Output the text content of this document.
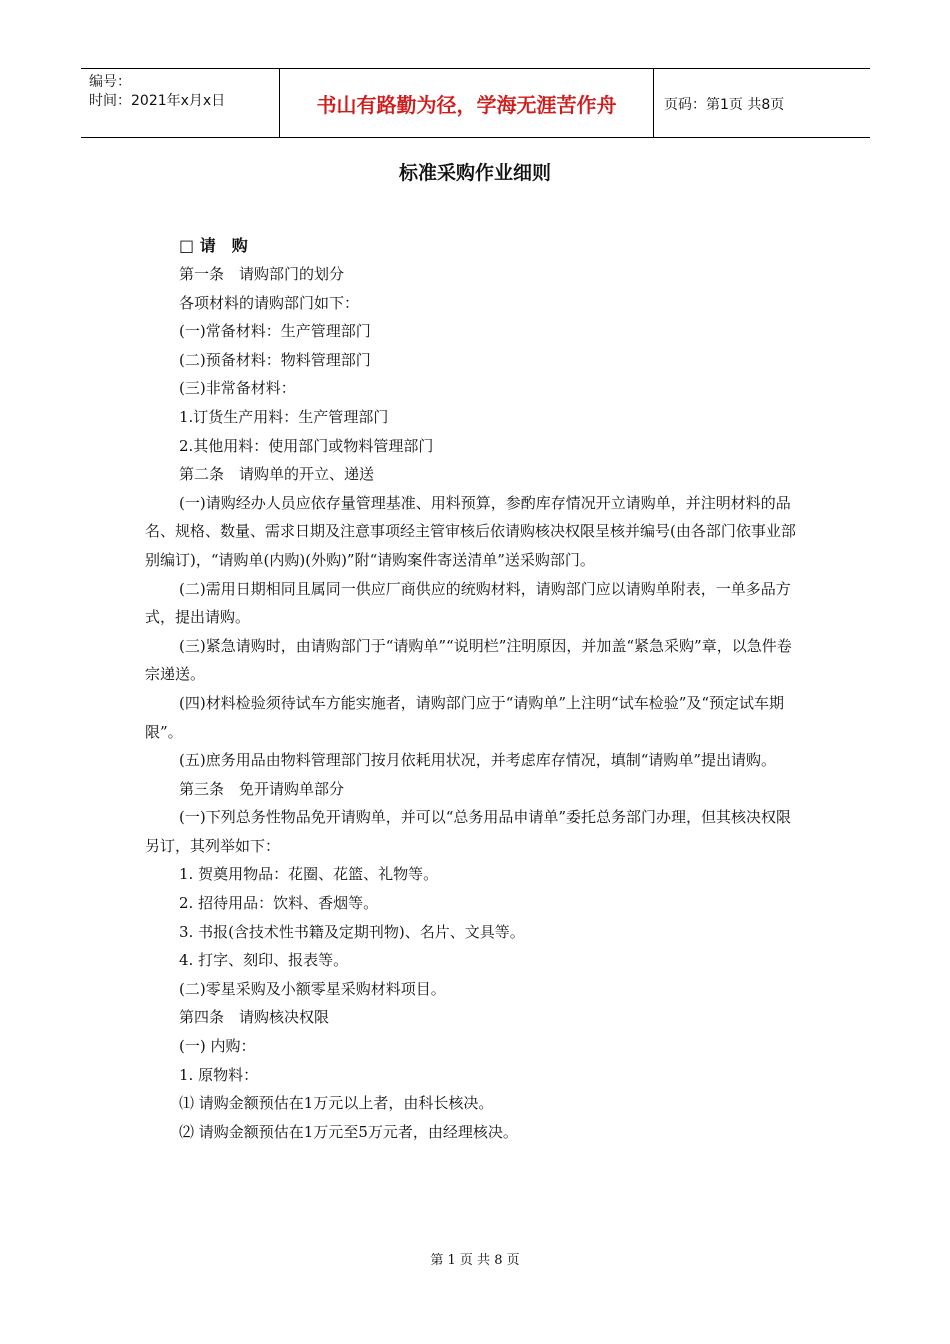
编号：
时间：2021年x月x日	书山有路勤为径，学海无涯苦作舟	页码：第1页 共8页
标准采购作业细则
□ 请　购

第一条　请购部门的划分

各项材料的请购部门如下：

(一)常备材料：生产管理部门

(二)预备材料：物料管理部门

(三)非常备材料：

1.订货生产用料：生产管理部门

2.其他用料：使用部门或物料管理部门

第二条　请购单的开立、递送

(一)请购经办人员应依存量管理基准、用料预算，参酌库存情况开立请购单，并注明材料的品名、规格、数量、需求日期及注意事项经主管审核后依请购核决权限呈核并编号(由各部门依事业部别编订)，“请购单(内购)(外购)”附“请购案件寄送清单”送采购部门。

(二)需用日期相同且属同一供应厂商供应的统购材料，请购部门应以请购单附表，一单多品方式，提出请购。

(三)紧急请购时，由请购部门于“请购单”“说明栏”注明原因，并加盖“紧急采购”章，以急件卷宗递送。

(四)材料检验须待试车方能实施者，请购部门应于“请购单”上注明“试车检验”及“预定试车期限”。

(五)庶务用品由物料管理部门按月依耗用状况，并考虑库存情况，填制“请购单”提出请购。

第三条　免开请购单部分

(一)下列总务性物品免开请购单，并可以“总务用品申请单”委托总务部门办理，但其核决权限另订，其列举如下：

1. 贺奠用物品：花圈、花篮、礼物等。

2. 招待用品：饮料、香烟等。

3. 书报(含技术性书籍及定期刊物)、名片、文具等。

4. 打字、刻印、报表等。

(二)零星采购及小额零星采购材料项目。

第四条　请购核决权限

(一) 内购：

1. 原物料：

⑴ 请购金额预估在1万元以上者，由科长核决。

⑵ 请购金额预估在1万元至5万元者，由经理核决。

第 1 页 共 8 页
